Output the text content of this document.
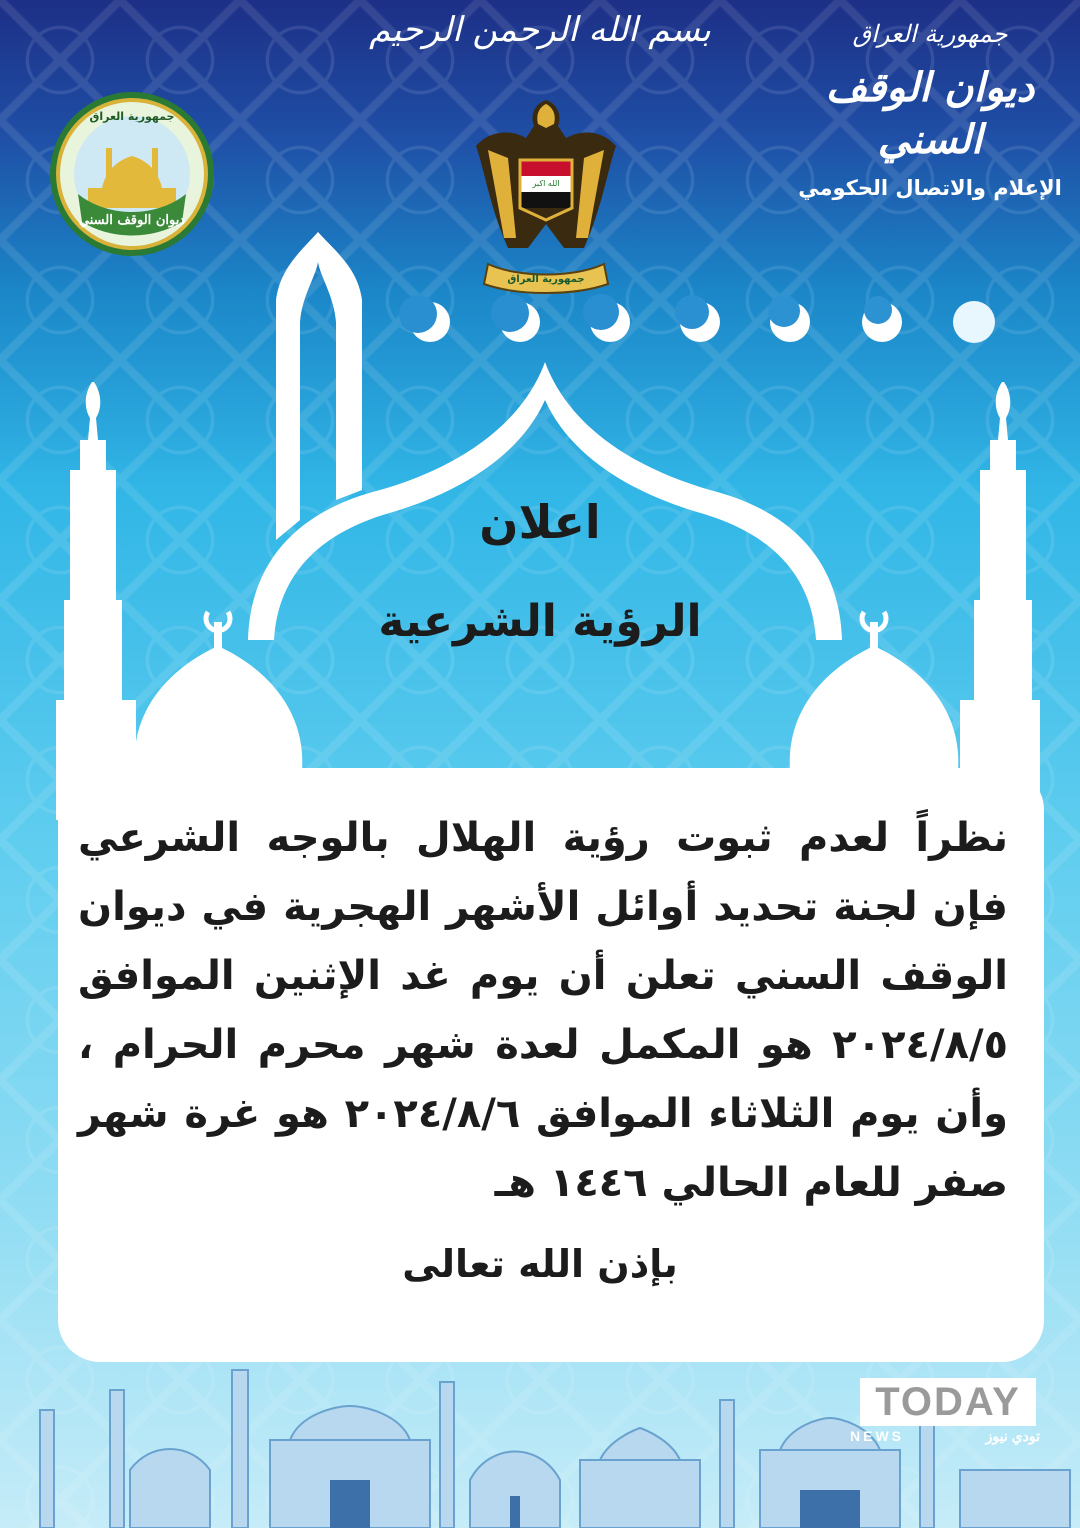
بسم الله الرحمن الرحيم	جمهورية العراق
ديوان الوقف السني
الإعلام والاتصال الحكومي
الله اكبر
جمهورية العراق
جمهورية العراق
ديوان الوقف السني
اعلان
الرؤية الشرعية
نظراً لعدم ثبوت رؤية الهلال بالوجه الشرعي فإن لجنة تحديد أوائل الأشهر الهجرية في ديوان الوقف السني تعلن أن يوم غد الإثنين الموافق ٢٠٢٤/٨/٥ هو المكمل لعدة شهر محرم الحرام ، وأن يوم الثلاثاء الموافق ٢٠٢٤/٨/٦ هو غرة شهر صفر للعام الحالي ١٤٤٦ هـ
بإذن الله تعالى
TODAY
NEWS	تودي نيوز
